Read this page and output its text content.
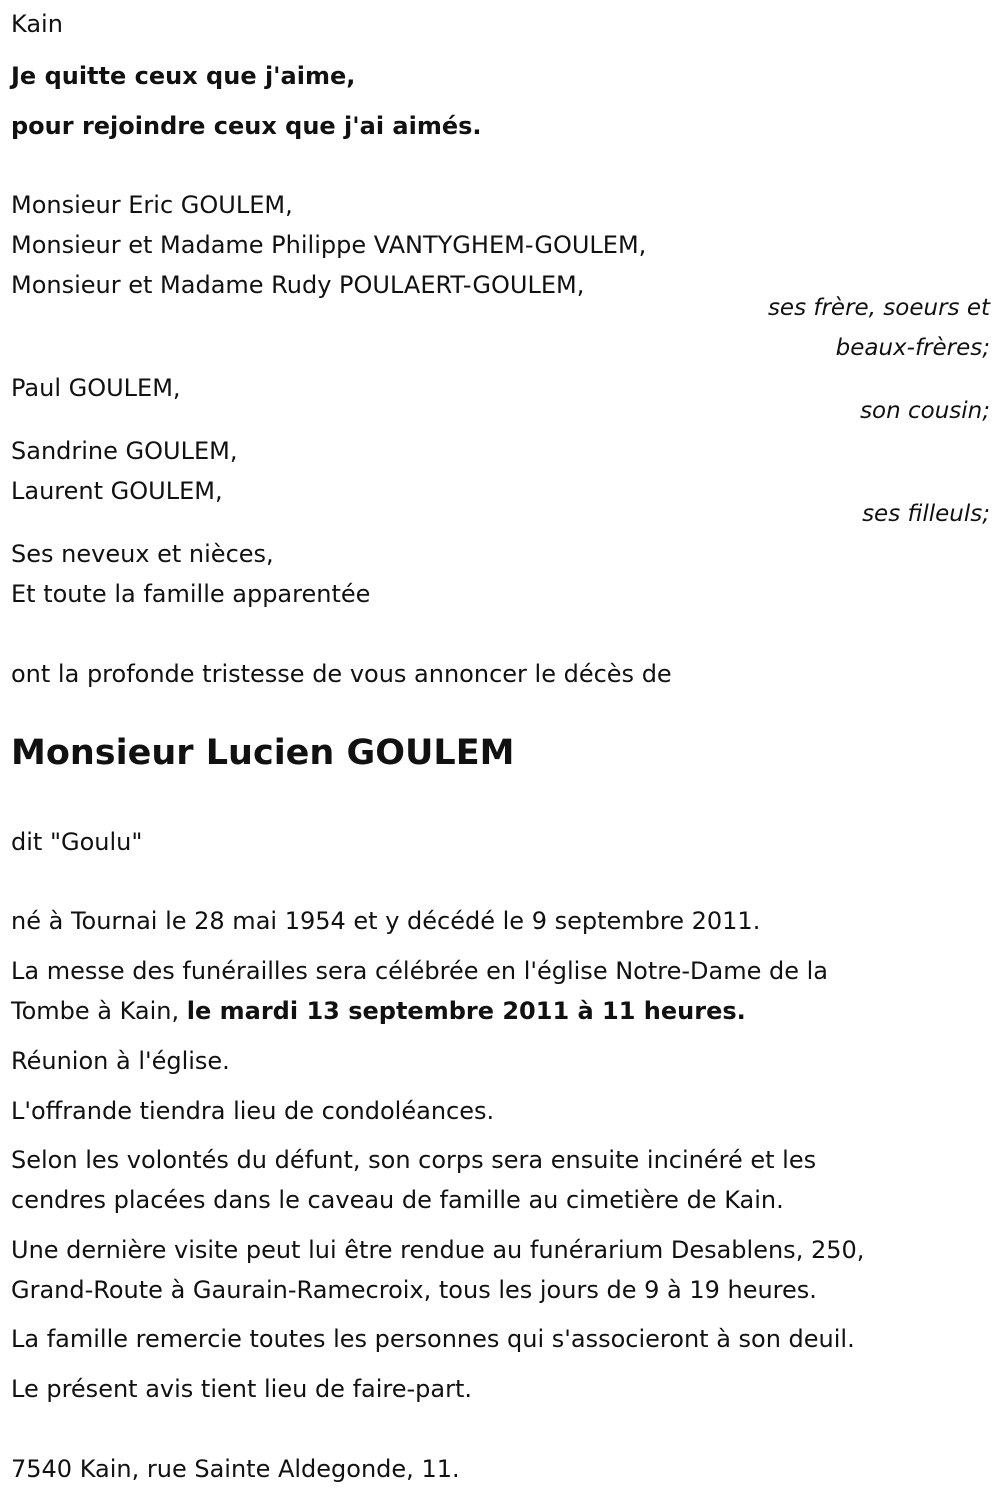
Kain
Je quitte ceux que j'aime,
pour rejoindre ceux que j'ai aimés.
Monsieur Eric GOULEM,
Monsieur et Madame Philippe VANTYGHEM-GOULEM,
Monsieur et Madame Rudy POULAERT-GOULEM,
ses frère, soeurs et
beaux-frères;
Paul GOULEM,
son cousin;
Sandrine GOULEM,
Laurent GOULEM,
ses filleuls;
Ses neveux et nièces,
Et toute la famille apparentée
ont la profonde tristesse de vous annoncer le décès de
Monsieur Lucien GOULEM
dit "Goulu"
né à Tournai le 28 mai 1954 et y décédé le 9 septembre 2011.
La messe des funérailles sera célébrée en l'église Notre-Dame de la
Tombe à Kain, le mardi 13 septembre 2011 à 11 heures.
Réunion à l'église.
L'offrande tiendra lieu de condoléances.
Selon les volontés du défunt, son corps sera ensuite incinéré et les
cendres placées dans le caveau de famille au cimetière de Kain.
Une dernière visite peut lui être rendue au funérarium Desablens, 250,
Grand-Route à Gaurain-Ramecroix, tous les jours de 9 à 19 heures.
La famille remercie toutes les personnes qui s'associeront à son deuil.
Le présent avis tient lieu de faire-part.
7540 Kain, rue Sainte Aldegonde, 11.
